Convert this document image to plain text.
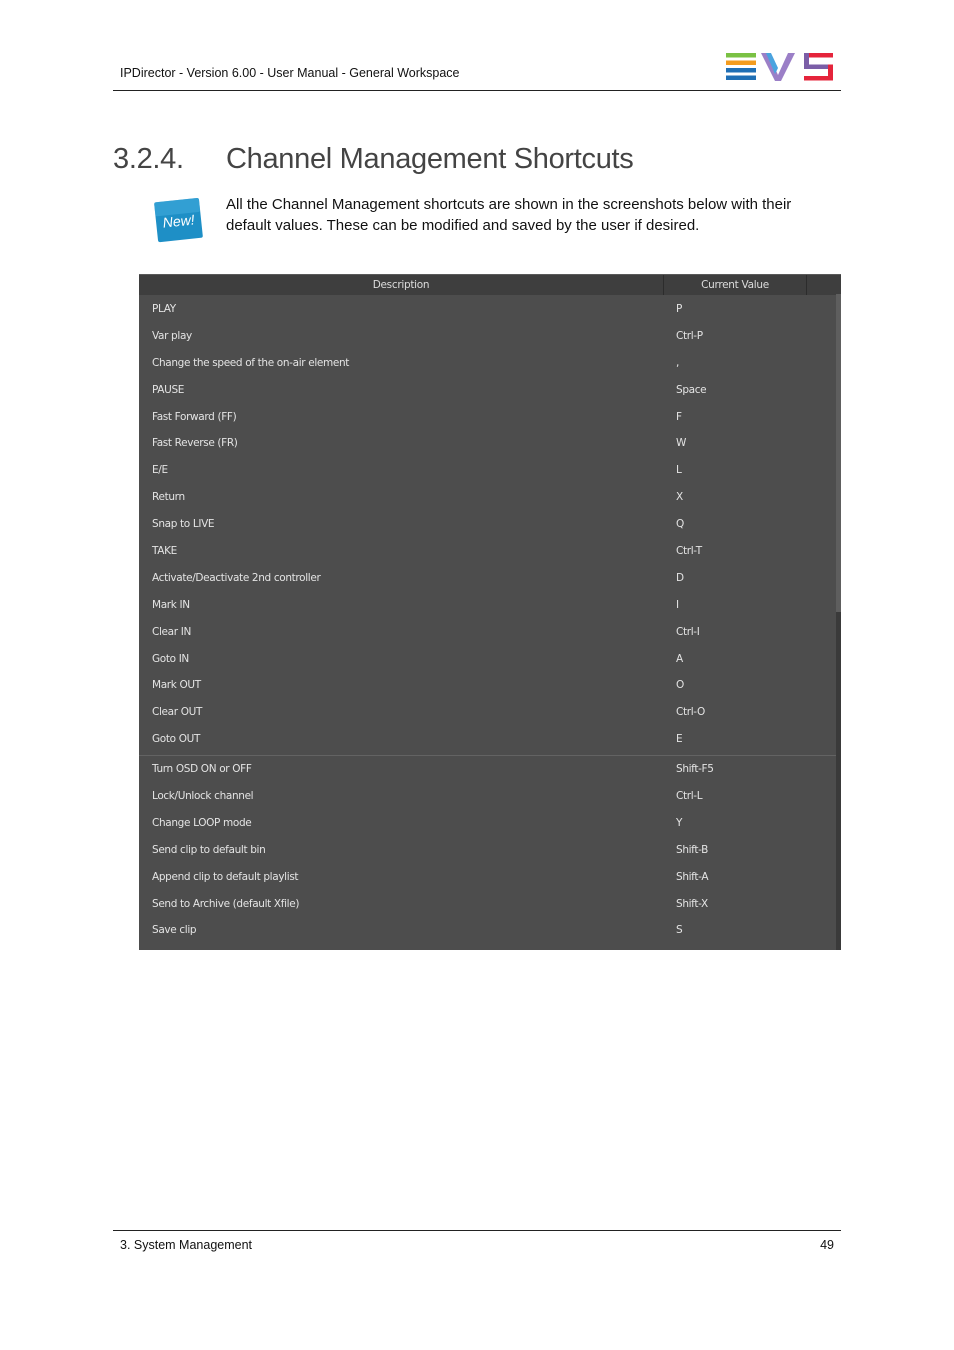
IPDirector - Version 6.00 - User Manual - General Workspace
3.2.4. Channel Management Shortcuts
New!
All the Channel Management shortcuts are shown in the screenshots below with their default values. These can be modified and saved by the user if desired.
Description	Current Value
PLAY	P
Var play	Ctrl-P
Change the speed of the on-air element	,
PAUSE	Space
Fast Forward (FF)	F
Fast Reverse (FR)	W
E/E	L
Return	X
Snap to LIVE	Q
TAKE	Ctrl-T
Activate/Deactivate 2nd controller	D
Mark IN	I
Clear IN	Ctrl-I
Goto IN	A
Mark OUT	O
Clear OUT	Ctrl-O
Goto OUT	E
Turn OSD ON or OFF	Shift-F5
Lock/Unlock channel	Ctrl-L
Change LOOP mode	Y
Send clip to default bin	Shift-B
Append clip to default playlist	Shift-A
Send to Archive (default Xfile)	Shift-X
Save clip	S
3. System Management	49
